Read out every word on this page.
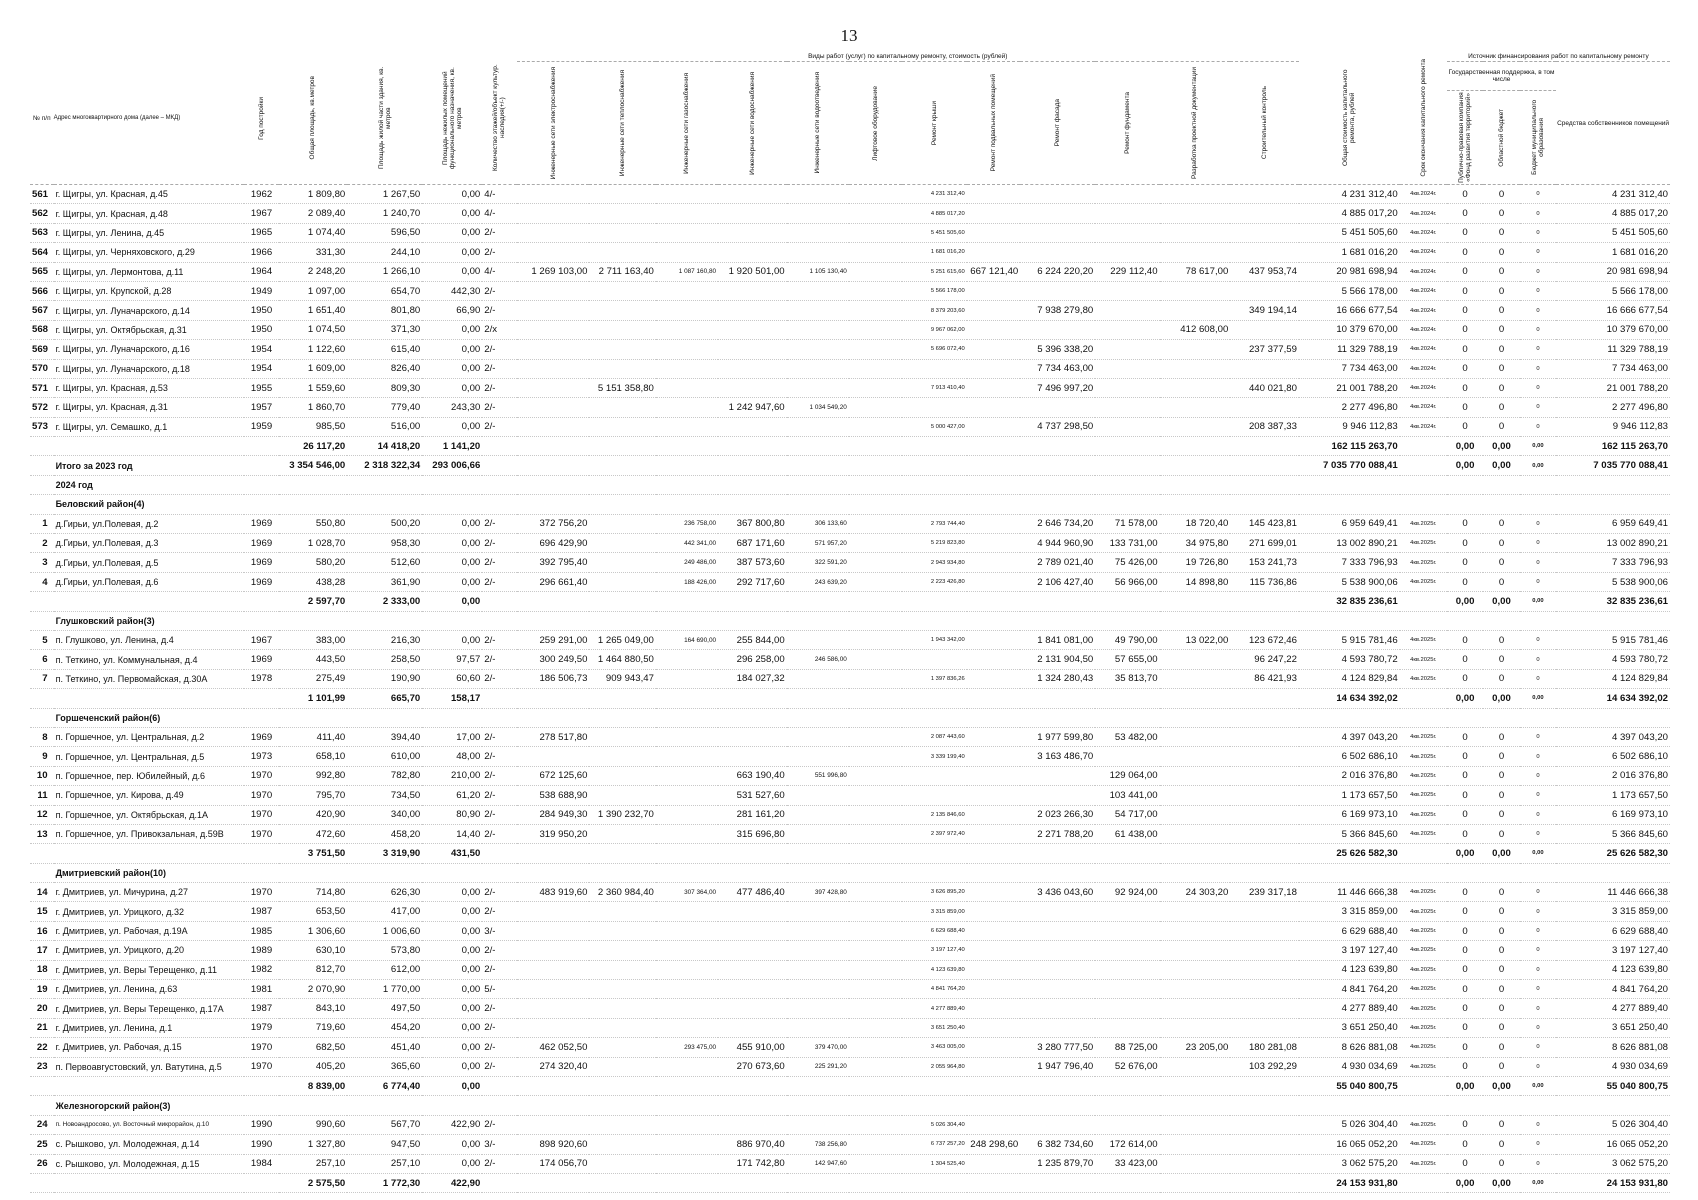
13
№ п/п	Адрес многоквартирного дома (далее – МКД)	Год постройки	Общая площадь, кв.метров	Площадь жилой части здания, кв. метров	Площадь нежилых помещений функционального назначения, кв. метров	Количество этажей/объект культур. наследия(+/-)	Виды работ (услуг) по капитальному ремонту, стоимость (рублей)												Общая стоимость капитального ремонта, рублей	Срок окончания капитального ремонта	Источник финансирования работ по капитальному ремонту			

							Инженерные сети электроснабжения	Инженерные сети теплоснабжения	Инженерные сети газоснабжения	Инженерные сети водоснабжения	Инженерные сети водоотведения	Лифтовое оборудование	Ремонт крыши	Ремонт подвальных помещений	Ремонт фасада	Ремонт фундамента	Разработка проектной документации	Строительный контроль			Государственная поддержка, в том числе			Средства собственников помещений

																					Публично-правовая компания «Фонд развития территорий»	Областной бюджет	Бюджет муниципального образования	

561	г. Щигры, ул. Красная, д.45	1962	1 809,80	1 267,50	0,00	4/-							4 231 312,40						4 231 312,40	4кв.2024г.	0	0	0	4 231 312,40
562	г. Щигры, ул. Красная, д.48	1967	2 089,40	1 240,70	0,00	4/-							4 885 017,20						4 885 017,20	4кв.2024г.	0	0	0	4 885 017,20
563	г. Щигры, ул. Ленина, д.45	1965	1 074,40	596,50	0,00	2/-							5 451 505,60						5 451 505,60	4кв.2024г.	0	0	0	5 451 505,60
564	г. Щигры, ул. Черняховского, д.29	1966	331,30	244,10	0,00	2/-							1 681 016,20						1 681 016,20	4кв.2024г.	0	0	0	1 681 016,20
565	г. Щигры, ул. Лермонтова, д.11	1964	2 248,20	1 266,10	0,00	4/-	1 269 103,00	2 711 163,40	1 087 160,80	1 920 501,00	1 105 130,40		5 251 615,60	667 121,40	6 224 220,20	229 112,40	78 617,00	437 953,74	20 981 698,94	4кв.2024г.	0	0	0	20 981 698,94
566	г. Щигры, ул. Крупской, д.28	1949	1 097,00	654,70	442,30	2/-							5 566 178,00						5 566 178,00	4кв.2024г.	0	0	0	5 566 178,00
567	г. Щигры, ул. Луначарского, д.14	1950	1 651,40	801,80	66,90	2/-							8 379 203,60		7 938 279,80			349 194,14	16 666 677,54	4кв.2024г.	0	0	0	16 666 677,54
568	г. Щигры, ул. Октябрьская, д.31	1950	1 074,50	371,30	0,00	2/x							9 967 062,00				412 608,00		10 379 670,00	4кв.2024г.	0	0	0	10 379 670,00
569	г. Щигры, ул. Луначарского, д.16	1954	1 122,60	615,40	0,00	2/-							5 696 072,40		5 396 338,20			237 377,59	11 329 788,19	4кв.2024г.	0	0	0	11 329 788,19
570	г. Щигры, ул. Луначарского, д.18	1954	1 609,00	826,40	0,00	2/-									7 734 463,00				7 734 463,00	4кв.2024г.	0	0	0	7 734 463,00
571	г. Щигры, ул. Красная, д.53	1955	1 559,60	809,30	0,00	2/-		5 151 358,80					7 913 410,40		7 496 997,20			440 021,80	21 001 788,20	4кв.2024г.	0	0	0	21 001 788,20
572	г. Щигры, ул. Красная, д.31	1957	1 860,70	779,40	243,30	2/-				1 242 947,60	1 034 549,20								2 277 496,80	4кв.2024г.	0	0	0	2 277 496,80
573	г. Щигры, ул. Семашко, д.1	1959	985,50	516,00	0,00	2/-							5 000 427,00		4 737 298,50			208 387,33	9 946 112,83	4кв.2024г.	0	0	0	9 946 112,83
			26 117,20	14 418,20	1 141,20														162 115 263,70		0,00	0,00	0,00	162 115 263,70
	Итого за 2023 год		3 354 546,00	2 318 322,34	293 006,66														7 035 770 088,41		0,00	0,00	0,00	7 035 770 088,41
	2024 год																							
	Беловский район(4)																							
1	д.Гирьи, ул.Полевая, д.2	1969	550,80	500,20	0,00	2/-	372 756,20		236 758,00	367 800,80	306 133,60		2 793 744,40		2 646 734,20	71 578,00	18 720,40	145 423,81	6 959 649,41	4кв.2025г.	0	0	0	6 959 649,41
2	д.Гирьи, ул.Полевая, д.3	1969	1 028,70	958,30	0,00	2/-	696 429,90		442 341,00	687 171,60	571 957,20		5 219 823,80		4 944 960,90	133 731,00	34 975,80	271 699,01	13 002 890,21	4кв.2025г.	0	0	0	13 002 890,21
3	д.Гирьи, ул.Полевая, д.5	1969	580,20	512,60	0,00	2/-	392 795,40		249 486,00	387 573,60	322 591,20		2 943 934,80		2 789 021,40	75 426,00	19 726,80	153 241,73	7 333 796,93	4кв.2025г.	0	0	0	7 333 796,93
4	д.Гирьи, ул.Полевая, д.6	1969	438,28	361,90	0,00	2/-	296 661,40		188 426,00	292 717,60	243 639,20		2 223 426,80		2 106 427,40	56 966,00	14 898,80	115 736,86	5 538 900,06	4кв.2025г.	0	0	0	5 538 900,06
			2 597,70	2 333,00	0,00														32 835 236,61		0,00	0,00	0,00	32 835 236,61
	Глушковский район(3)																							
5	п. Глушково, ул. Ленина, д.4	1967	383,00	216,30	0,00	2/-	259 291,00	1 265 049,00	164 690,00	255 844,00			1 943 342,00		1 841 081,00	49 790,00	13 022,00	123 672,46	5 915 781,46	4кв.2025г.	0	0	0	5 915 781,46
6	п. Теткино, ул. Коммунальная, д.4	1969	443,50	258,50	97,57	2/-	300 249,50	1 464 880,50		296 258,00	246 586,00				2 131 904,50	57 655,00		96 247,22	4 593 780,72	4кв.2025г.	0	0	0	4 593 780,72
7	п. Теткино, ул. Первомайская, д.30А	1978	275,49	190,90	60,60	2/-	186 506,73	909 943,47		184 027,32			1 397 836,26		1 324 280,43	35 813,70		86 421,93	4 124 829,84	4кв.2025г.	0	0	0	4 124 829,84
			1 101,99	665,70	158,17														14 634 392,02		0,00	0,00	0,00	14 634 392,02
	Горшеченский район(6)																							
8	п. Горшечное, ул. Центральная, д.2	1969	411,40	394,40	17,00	2/-	278 517,80						2 087 443,60		1 977 599,80	53 482,00			4 397 043,20	4кв.2025г.	0	0	0	4 397 043,20
9	п. Горшечное, ул. Центральная, д.5	1973	658,10	610,00	48,00	2/-							3 339 199,40		3 163 486,70				6 502 686,10	4кв.2025г.	0	0	0	6 502 686,10
10	п. Горшечное, пер. Юбилейный, д.6	1970	992,80	782,80	210,00	2/-	672 125,60			663 190,40	551 996,80					129 064,00			2 016 376,80	4кв.2025г.	0	0	0	2 016 376,80
11	п. Горшечное, ул. Кирова, д.49	1970	795,70	734,50	61,20	2/-	538 688,90			531 527,60						103 441,00			1 173 657,50	4кв.2025г.	0	0	0	1 173 657,50
12	п. Горшечное, ул. Октябрьская, д.1А	1970	420,90	340,00	80,90	2/-	284 949,30	1 390 232,70		281 161,20			2 135 846,60		2 023 266,30	54 717,00			6 169 973,10	4кв.2025г.	0	0	0	6 169 973,10
13	п. Горшечное, ул. Привокзальная, д.59В	1970	472,60	458,20	14,40	2/-	319 950,20			315 696,80			2 397 972,40		2 271 788,20	61 438,00			5 366 845,60	4кв.2025г.	0	0	0	5 366 845,60
			3 751,50	3 319,90	431,50														25 626 582,30		0,00	0,00	0,00	25 626 582,30
	Дмитриевский район(10)																							
14	г. Дмитриев, ул. Мичурина, д.27	1970	714,80	626,30	0,00	2/-	483 919,60	2 360 984,40	307 364,00	477 486,40	397 428,80		3 626 895,20		3 436 043,60	92 924,00	24 303,20	239 317,18	11 446 666,38	4кв.2025г.	0	0	0	11 446 666,38
15	г. Дмитриев, ул. Урицкого, д.32	1987	653,50	417,00	0,00	2/-							3 315 859,00						3 315 859,00	4кв.2025г.	0	0	0	3 315 859,00
16	г. Дмитриев, ул. Рабочая, д.19А	1985	1 306,60	1 006,60	0,00	3/-							6 629 688,40						6 629 688,40	4кв.2025г.	0	0	0	6 629 688,40
17	г. Дмитриев, ул. Урицкого, д.20	1989	630,10	573,80	0,00	2/-							3 197 127,40						3 197 127,40	4кв.2025г.	0	0	0	3 197 127,40
18	г. Дмитриев, ул. Веры Терещенко, д.11	1982	812,70	612,00	0,00	2/-							4 123 639,80						4 123 639,80	4кв.2025г.	0	0	0	4 123 639,80
19	г. Дмитриев, ул. Ленина, д.63	1981	2 070,90	1 770,00	0,00	5/-							4 841 764,20						4 841 764,20	4кв.2025г.	0	0	0	4 841 764,20
20	г. Дмитриев, ул. Веры Терещенко, д.17А	1987	843,10	497,50	0,00	2/-							4 277 889,40						4 277 889,40	4кв.2025г.	0	0	0	4 277 889,40
21	г. Дмитриев, ул. Ленина, д.1	1979	719,60	454,20	0,00	2/-							3 651 250,40						3 651 250,40	4кв.2025г.	0	0	0	3 651 250,40
22	г. Дмитриев, ул. Рабочая, д.15	1970	682,50	451,40	0,00	2/-	462 052,50		293 475,00	455 910,00	379 470,00		3 463 005,00		3 280 777,50	88 725,00	23 205,00	180 281,08	8 626 881,08	4кв.2025г.	0	0	0	8 626 881,08
23	п. Первоавгустовский, ул. Ватутина, д.5	1970	405,20	365,60	0,00	2/-	274 320,40			270 673,60	225 291,20		2 055 964,80		1 947 796,40	52 676,00		103 292,29	4 930 034,69	4кв.2025г.	0	0	0	4 930 034,69
			8 839,00	6 774,40	0,00														55 040 800,75		0,00	0,00	0,00	55 040 800,75
	Железногорский район(3)																							
24	п. Новоандросово, ул. Восточный микрорайон, д.10	1990	990,60	567,70	422,90	2/-							5 026 304,40						5 026 304,40	4кв.2025г.	0	0	0	5 026 304,40
25	с. Рышково, ул. Молодежная, д.14	1990	1 327,80	947,50	0,00	3/-	898 920,60			886 970,40	738 256,80		6 737 257,20	248 298,60	6 382 734,60	172 614,00			16 065 052,20	4кв.2025г.	0	0	0	16 065 052,20
26	с. Рышково, ул. Молодежная, д.15	1984	257,10	257,10	0,00	2/-	174 056,70			171 742,80	142 947,60		1 304 525,40		1 235 879,70	33 423,00			3 062 575,20	4кв.2025г.	0	0	0	3 062 575,20
			2 575,50	1 772,30	422,90														24 153 931,80		0,00	0,00	0,00	24 153 931,80
